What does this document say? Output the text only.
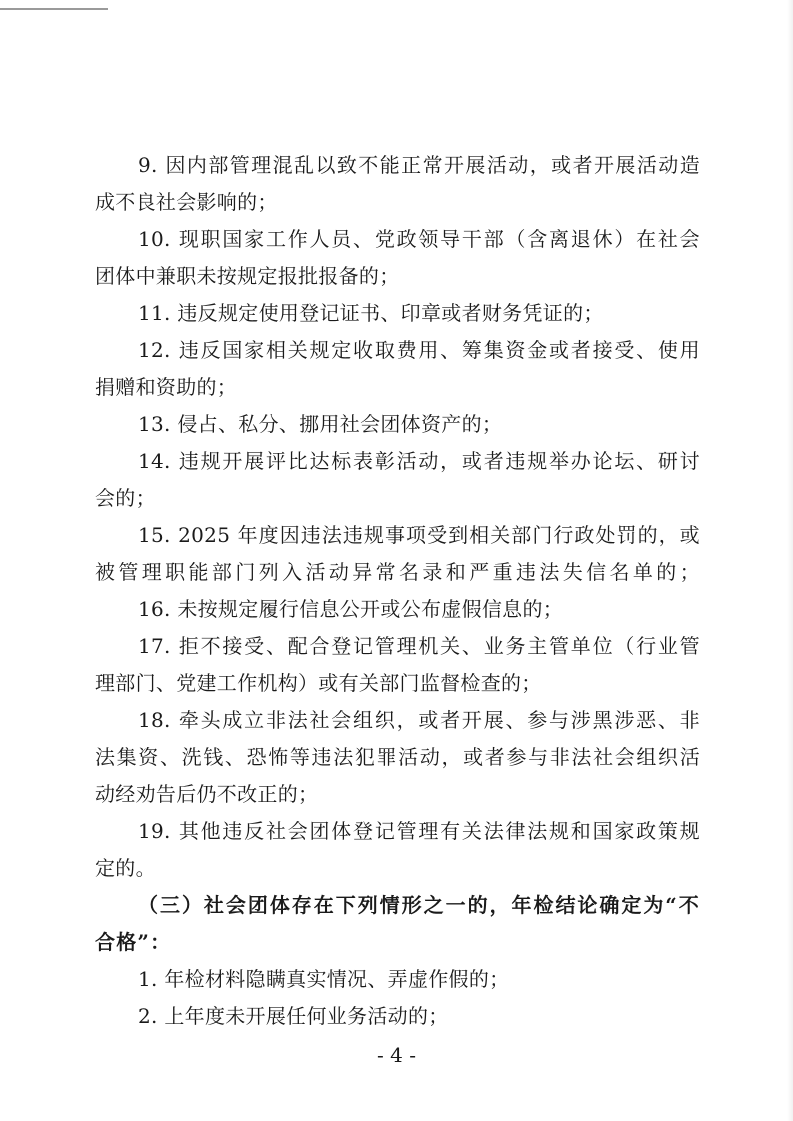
9. 因内部管理混乱以致不能正常开展活动，或者开展活动造
成不良社会影响的；
10. 现职国家工作人员、党政领导干部（含离退休）在社会
团体中兼职未按规定报批报备的；
11. 违反规定使用登记证书、印章或者财务凭证的；
12. 违反国家相关规定收取费用、筹集资金或者接受、使用
捐赠和资助的；
13. 侵占、私分、挪用社会团体资产的；
14. 违规开展评比达标表彰活动，或者违规举办论坛、研讨
会的；
15. 2025 年度因违法违规事项受到相关部门行政处罚的，或
被管理职能部门列入活动异常名录和严重违法失信名单的；
16. 未按规定履行信息公开或公布虚假信息的；
17. 拒不接受、配合登记管理机关、业务主管单位（行业管
理部门、党建工作机构）或有关部门监督检查的；
18. 牵头成立非法社会组织，或者开展、参与涉黑涉恶、非
法集资、洗钱、恐怖等违法犯罪活动，或者参与非法社会组织活
动经劝告后仍不改正的；
19. 其他违反社会团体登记管理有关法律法规和国家政策规
定的。
（三）社会团体存在下列情形之一的，年检结论确定为“不
合格”：
1. 年检材料隐瞒真实情况、弄虚作假的；
2. 上年度未开展任何业务活动的；
- 4 -
